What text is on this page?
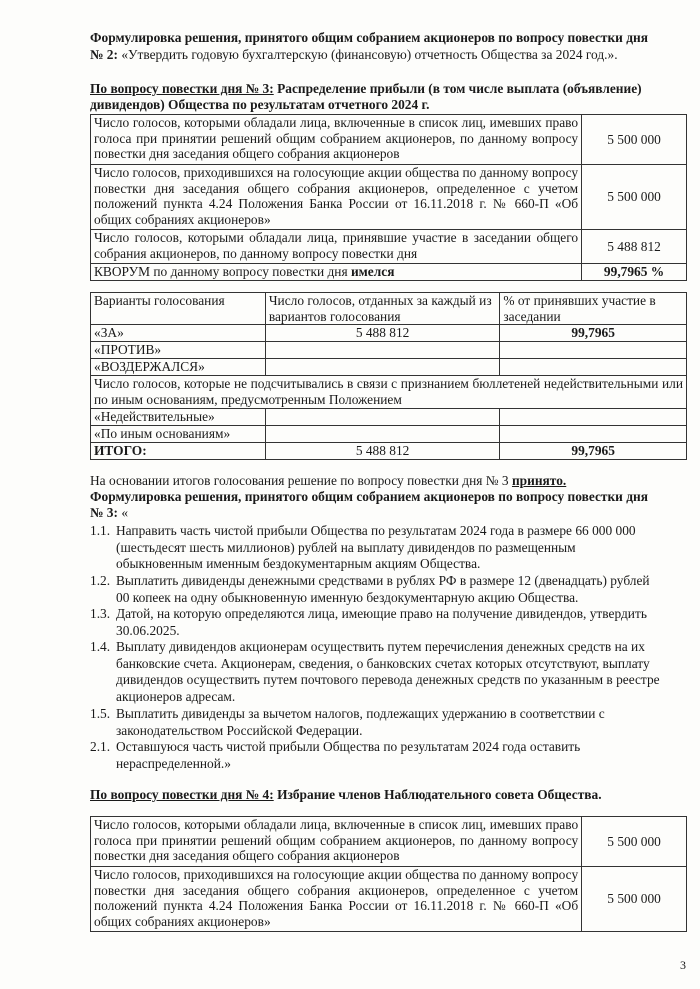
Формулировка решения, принятого общим собранием акционеров по вопросу повестки дня
№ 2: «Утвердить годовую бухгалтерскую (финансовую) отчетность Общества за 2024 год.».
По вопросу повестки дня № 3: Распределение прибыли (в том числе выплата (объявление)
дивидендов) Общества по результатам отчетного 2024 г.
Число голосов, которыми обладали лица, включенные в список лиц, имевших право голоса при принятии решений общим собранием акционеров, по данному вопросу повестки дня заседания общего собрания акционеров	5 500 000
Число голосов, приходившихся на голосующие акции общества по данному вопросу повестки дня заседания общего собрания акционеров, определенное с учетом положений пункта 4.24 Положения Банка России от 16.11.2018 г. № 660-П «Об общих собраниях акционеров»	5 500 000
Число голосов, которыми обладали лица, принявшие участие в заседании общего собрания акционеров, по данному вопросу повестки дня	5 488 812
КВОРУМ по данному вопросу повестки дня имелся	99,7965 %
Варианты голосования	Число голосов, отданных за каждый из вариантов голосования	% от принявших участие в заседании
«ЗА»	5 488 812	99,7965
«ПРОТИВ»		
«ВОЗДЕРЖАЛСЯ»		
Число голосов, которые не подсчитывались в связи с признанием бюллетеней недействительными или по иным основаниям, предусмотренным Положением		
«Недействительные»		
«По иным основаниям»		
ИТОГО:	5 488 812	99,7965
На основании итогов голосования решение по вопросу повестки дня № 3 принято.
Формулировка решения, принятого общим собранием акционеров по вопросу повестки дня
№ 3: «
1.1. Направить часть чистой прибыли Общества по результатам 2024 года в размере 66 000 000
(шестьдесят шесть миллионов) рублей на выплату дивидендов по размещенным
обыкновенным именным бездокументарным акциям Общества.
1.2. Выплатить дивиденды денежными средствами в рублях РФ в размере 12 (двенадцать) рублей
00 копеек на одну обыкновенную именную бездокументарную акцию Общества.
1.3. Датой, на которую определяются лица, имеющие право на получение дивидендов, утвердить
30.06.2025.
1.4. Выплату дивидендов акционерам осуществить путем перечисления денежных средств на их
банковские счета. Акционерам, сведения, о банковских счетах которых отсутствуют, выплату
дивидендов осуществить путем почтового перевода денежных средств по указанным в реестре
акционеров адресам.
1.5. Выплатить дивиденды за вычетом налогов, подлежащих удержанию в соответствии с
законодательством Российской Федерации.
2.1. Оставшуюся часть чистой прибыли Общества по результатам 2024 года оставить
нераспределенной.»
По вопросу повестки дня № 4: Избрание членов Наблюдательного совета Общества.
Число голосов, которыми обладали лица, включенные в список лиц, имевших право голоса при принятии решений общим собранием акционеров, по данному вопросу повестки дня заседания общего собрания акционеров	5 500 000
Число голосов, приходившихся на голосующие акции общества по данному вопросу повестки дня заседания общего собрания акционеров, определенное с учетом положений пункта 4.24 Положения Банка России от 16.11.2018 г. № 660-П «Об общих собраниях акционеров»	5 500 000
3
